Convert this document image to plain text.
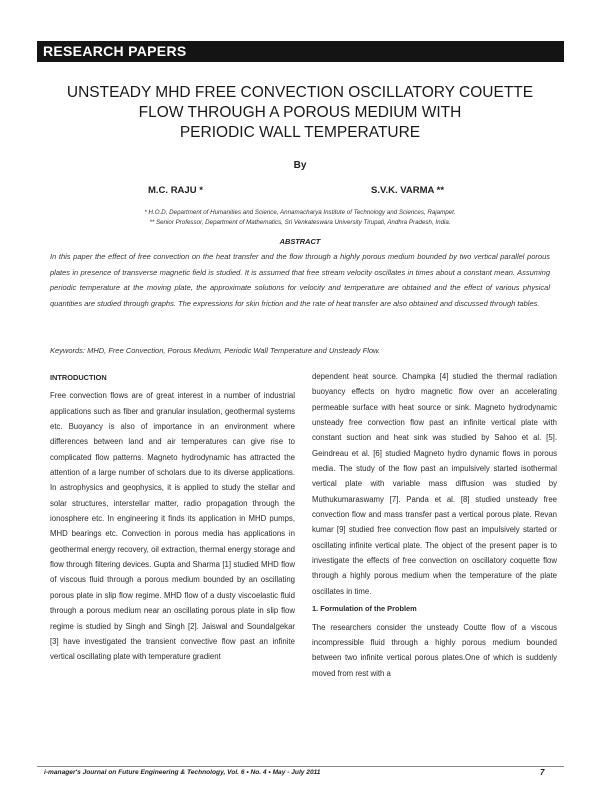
RESEARCH PAPERS
UNSTEADY MHD FREE CONVECTION OSCILLATORY COUETTE
FLOW THROUGH A POROUS MEDIUM WITH
PERIODIC WALL TEMPERATURE
By
M.C. RAJU *	S.V.K. VARMA **
* H.O.D, Department of Humanities and Science, Annamacharya Institute of Technology and Sciences, Rajampet.
** Senior Professor, Department of Mathematics, Sri Venkateswara University Tirupati, Andhra Pradesh, India.
ABSTRACT
In this paper the effect of free convection on the heat transfer and the flow through a highly porous medium bounded by two vertical parallel porous plates in presence of transverse magnetic field is studied. It is assumed that free stream velocity oscillates in times about a constant mean. Assuming periodic temperature at the moving plate, the approximate solutions for velocity and temperature are obtained and the effect of various physical quantities are studied through graphs. The expressions for skin friction and the rate of heat transfer are also obtained and discussed through tables.
Keywords: MHD, Free Convection, Porous Medium, Periodic Wall Temperature and Unsteady Flow.

INTRODUCTION

Free convection flows are of great interest in a number of industrial applications such as fiber and granular insulation, geothermal systems etc. Buoyancy is also of importance in an environment where differences between land and air temperatures can give rise to complicated flow patterns. Magneto hydrodynamic has attracted the attention of a large number of scholars due to its diverse applications. In astrophysics and geophysics, it is applied to study the stellar and solar structures, interstellar matter, radio propagation through the ionosphere etc. In engineering it finds its application in MHD pumps, MHD bearings etc. Convection in porous media has applications in geothermal energy recovery, oil extraction, thermal energy storage and flow through filtering devices. Gupta and Sharma [1] studied MHD flow of viscous fluid through a porous medium bounded by an oscillating porous plate in slip flow regime. MHD flow of a dusty viscoelastic fluid through a porous medium near an oscillating porous plate in slip flow regime is studied by Singh and Singh [2]. Jaiswal and Soundalgekar [3] have investigated the transient convective flow past an infinite vertical oscillating plate with temperature gradient

dependent heat source. Champka [4] studied the thermal radiation buoyancy effects on hydro magnetic flow over an accelerating permeable surface with heat source or sink. Magneto hydrodynamic unsteady free convection flow past an infinite vertical plate with constant suction and heat sink was studied by Sahoo et al. [5]. Geindreau et al. [6] studied Magneto hydro dynamic flows in porous media. The study of the flow past an impulsively started isothermal vertical plate with variable mass diffusion was studied by Muthukumaraswamy [7]. Panda et al. [8] studied unsteady free convection flow and mass transfer past a vertical porous plate. Revan kumar [9] studied free convection flow past an impulsively started or oscillating infinite vertical plate. The object of the present paper is to investigate the effects of free convection on oscillatory coquette flow through a highly porous medium when the temperature of the plate oscillates in time.

1. Formulation of the Problem

The researchers consider the unsteady Coutte flow of a viscous incompressible fluid through a highly porous medium bounded between two infinite vertical porous plates.One of which is suddenly moved from rest with a

i-manager's Journal on Future Engineering & Technology, Vol. 6 • No. 4 • May - July 2011	7
